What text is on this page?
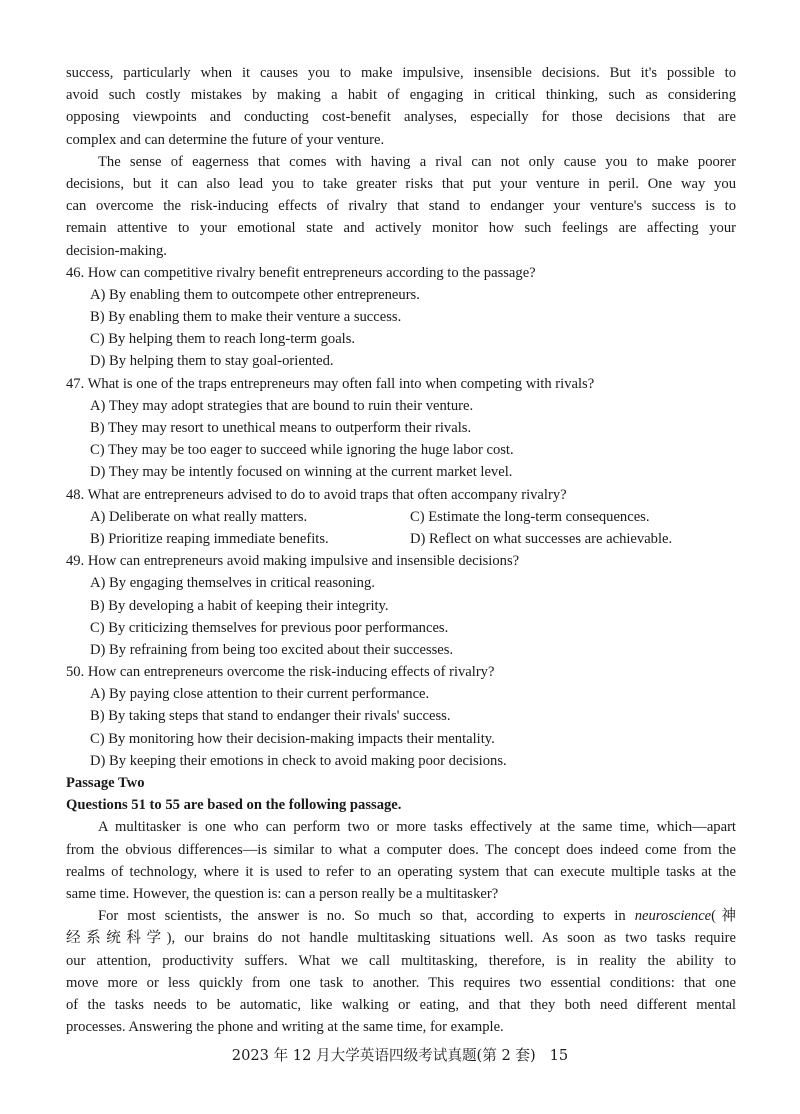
success, particularly when it causes you to make impulsive, insensible decisions. But it's possible to
avoid such costly mistakes by making a habit of engaging in critical thinking, such as considering
opposing viewpoints and conducting cost-benefit analyses, especially for those decisions that are
complex and can determine the future of your venture.
The sense of eagerness that comes with having a rival can not only cause you to make poorer
decisions, but it can also lead you to take greater risks that put your venture in peril. One way you
can overcome the risk-inducing effects of rivalry that stand to endanger your venture's success is to
remain attentive to your emotional state and actively monitor how such feelings are affecting your
decision-making.
46. How can competitive rivalry benefit entrepreneurs according to the passage?
A) By enabling them to outcompete other entrepreneurs.
B) By enabling them to make their venture a success.
C) By helping them to reach long-term goals.
D) By helping them to stay goal-oriented.
47. What is one of the traps entrepreneurs may often fall into when competing with rivals?
A) They may adopt strategies that are bound to ruin their venture.
B) They may resort to unethical means to outperform their rivals.
C) They may be too eager to succeed while ignoring the huge labor cost.
D) They may be intently focused on winning at the current market level.
48. What are entrepreneurs advised to do to avoid traps that often accompany rivalry?
A) Deliberate on what really matters.	C) Estimate the long-term consequences.
B) Prioritize reaping immediate benefits.	D) Reflect on what successes are achievable.
49. How can entrepreneurs avoid making impulsive and insensible decisions?
A) By engaging themselves in critical reasoning.
B) By developing a habit of keeping their integrity.
C) By criticizing themselves for previous poor performances.
D) By refraining from being too excited about their successes.
50. How can entrepreneurs overcome the risk-inducing effects of rivalry?
A) By paying close attention to their current performance.
B) By taking steps that stand to endanger their rivals' success.
C) By monitoring how their decision-making impacts their mentality.
D) By keeping their emotions in check to avoid making poor decisions.
Passage Two
Questions 51 to 55 are based on the following passage.
A multitasker is one who can perform two or more tasks effectively at the same time, which—apart
from the obvious differences—is similar to what a computer does. The concept does indeed come from the
realms of technology, where it is used to refer to an operating system that can execute multiple tasks at the
same time. However, the question is: can a person really be a multitasker?
For most scientists, the answer is no. So much so that, according to experts in neuroscience(神
经系统科学), our brains do not handle multitasking situations well. As soon as two tasks require
our attention, productivity suffers. What we call multitasking, therefore, is in reality the ability to
move more or less quickly from one task to another. This requires two essential conditions: that one
of the tasks needs to be automatic, like walking or eating, and that they both need different mental
processes. Answering the phone and writing at the same time, for example.
2023 年 12 月大学英语四级考试真题(第 2 套) 15
